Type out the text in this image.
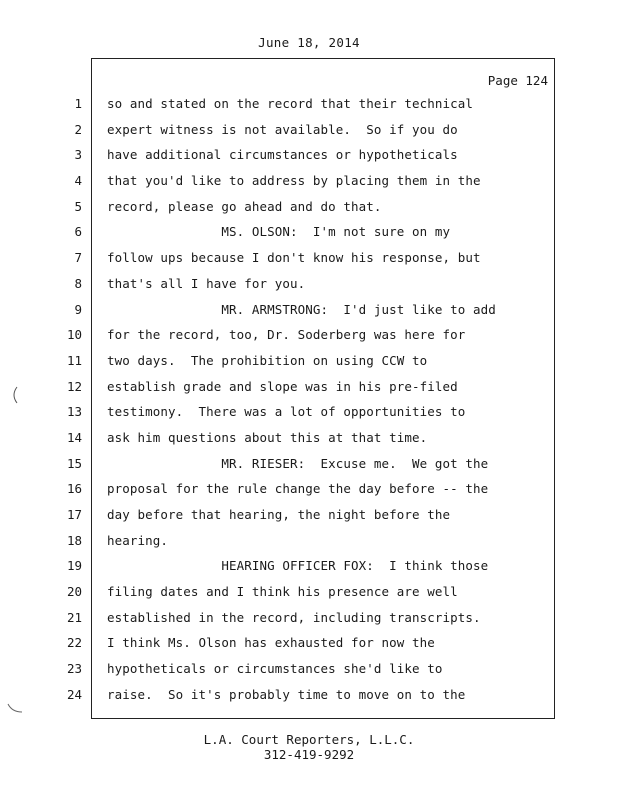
June 18, 2014
Page 124
1 so and stated on the record that their technical
2 expert witness is not available.  So if you do
3 have additional circumstances or hypotheticals
4 that you'd like to address by placing them in the
5 record, please go ahead and do that.
6 MS. OLSON:  I'm not sure on my
7 follow ups because I don't know his response, but
8 that's all I have for you.
9 MR. ARMSTRONG:  I'd just like to add
10 for the record, too, Dr. Soderberg was here for
11 two days.  The prohibition on using CCW to
12 establish grade and slope was in his pre-filed
13 testimony.  There was a lot of opportunities to
14 ask him questions about this at that time.
15 MR. RIESER:  Excuse me.  We got the
16 proposal for the rule change the day before -- the
17 day before that hearing, the night before the
18 hearing.
19 HEARING OFFICER FOX:  I think those
20 filing dates and I think his presence are well
21 established in the record, including transcripts.
22 I think Ms. Olson has exhausted for now the
23 hypotheticals or circumstances she'd like to
24 raise.  So it's probably time to move on to the
L.A. Court Reporters, L.L.C.
312-419-9292
